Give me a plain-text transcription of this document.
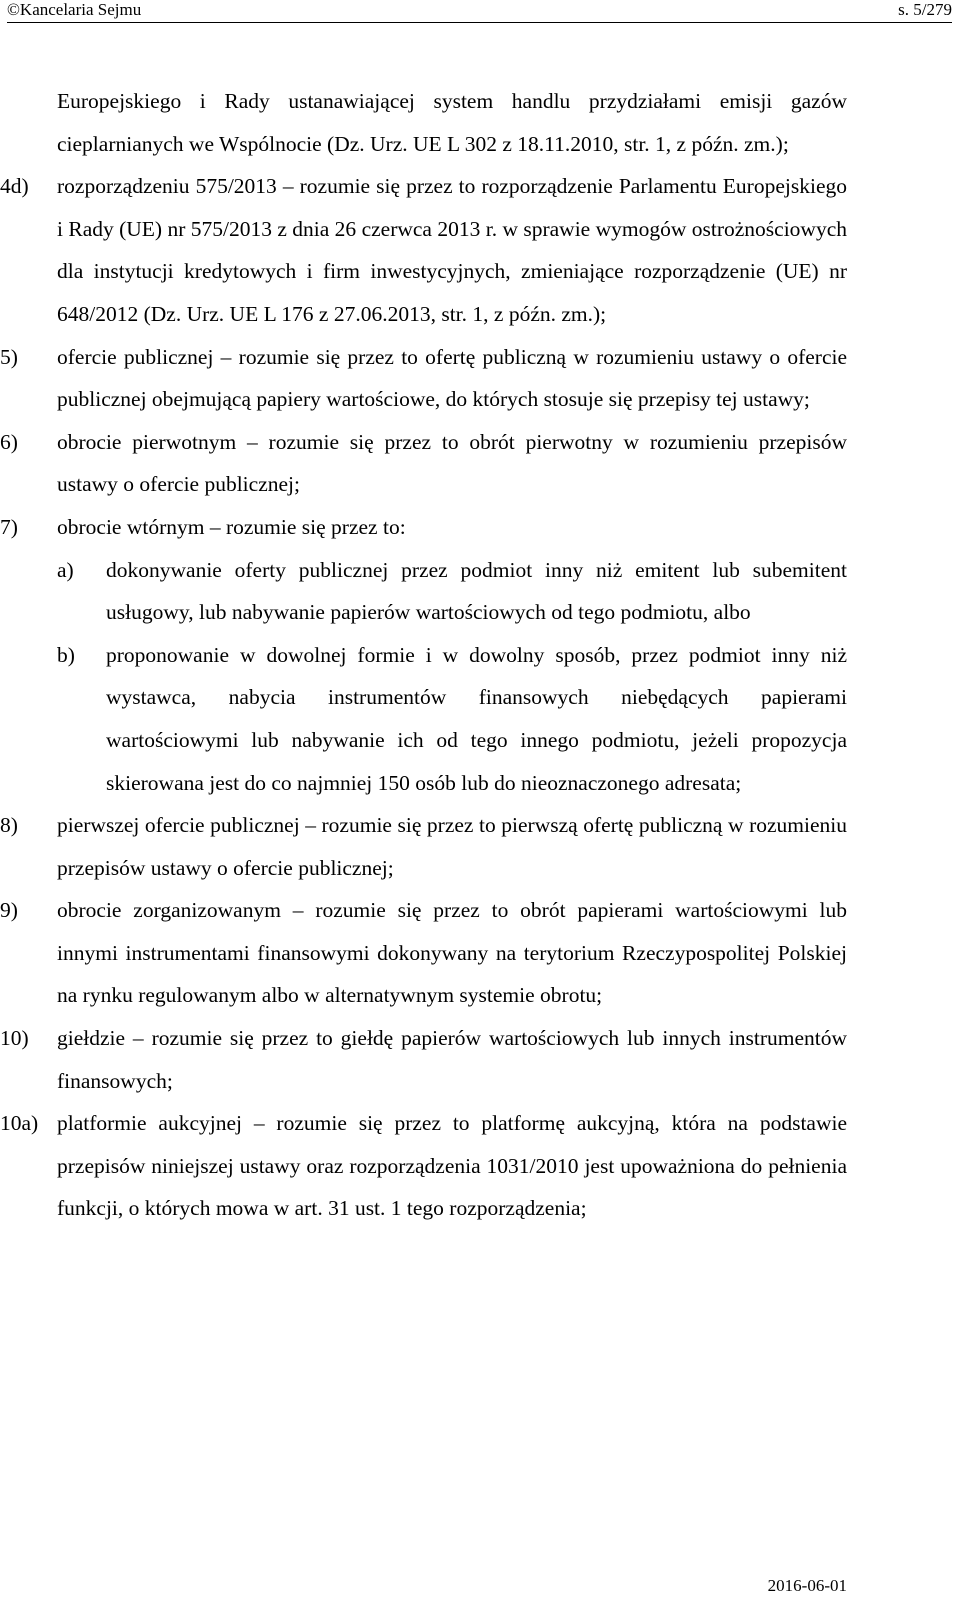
©Kancelaria Sejmu	s. 5/279

Europejskiego i Rady ustanawiającej system handlu przydziałami emisji gazów cieplarnianych we Wspólnocie (Dz. Urz. UE L 302 z 18.11.2010, str. 1, z późn. zm.);

4d) rozporządzeniu 575/2013 – rozumie się przez to rozporządzenie Parlamentu Europejskiego i Rady (UE) nr 575/2013 z dnia 26 czerwca 2013 r. w sprawie wymogów ostrożnościowych dla instytucji kredytowych i firm inwestycyjnych, zmieniające rozporządzenie (UE) nr 648/2012 (Dz. Urz. UE L 176 z 27.06.2013, str. 1, z późn. zm.);

5) ofercie publicznej – rozumie się przez to ofertę publiczną w rozumieniu ustawy o ofercie publicznej obejmującą papiery wartościowe, do których stosuje się przepisy tej ustawy;

6) obrocie pierwotnym – rozumie się przez to obrót pierwotny w rozumieniu przepisów ustawy o ofercie publicznej;

7) obrocie wtórnym – rozumie się przez to:

a) dokonywanie oferty publicznej przez podmiot inny niż emitent lub subemitent usługowy, lub nabywanie papierów wartościowych od tego podmiotu, albo

b) proponowanie w dowolnej formie i w dowolny sposób, przez podmiot inny niż wystawca, nabycia instrumentów finansowych niebędących papierami wartościowymi lub nabywanie ich od tego innego podmiotu, jeżeli propozycja skierowana jest do co najmniej 150 osób lub do nieoznaczonego adresata;

8) pierwszej ofercie publicznej – rozumie się przez to pierwszą ofertę publiczną w rozumieniu przepisów ustawy o ofercie publicznej;

9) obrocie zorganizowanym – rozumie się przez to obrót papierami wartościowymi lub innymi instrumentami finansowymi dokonywany na terytorium Rzeczypospolitej Polskiej na rynku regulowanym albo w alternatywnym systemie obrotu;

10) giełdzie – rozumie się przez to giełdę papierów wartościowych lub innych instrumentów finansowych;

10a) platformie aukcyjnej – rozumie się przez to platformę aukcyjną, która na podstawie przepisów niniejszej ustawy oraz rozporządzenia 1031/2010 jest upoważniona do pełnienia funkcji, o których mowa w art. 31 ust. 1 tego rozporządzenia;

2016-06-01
